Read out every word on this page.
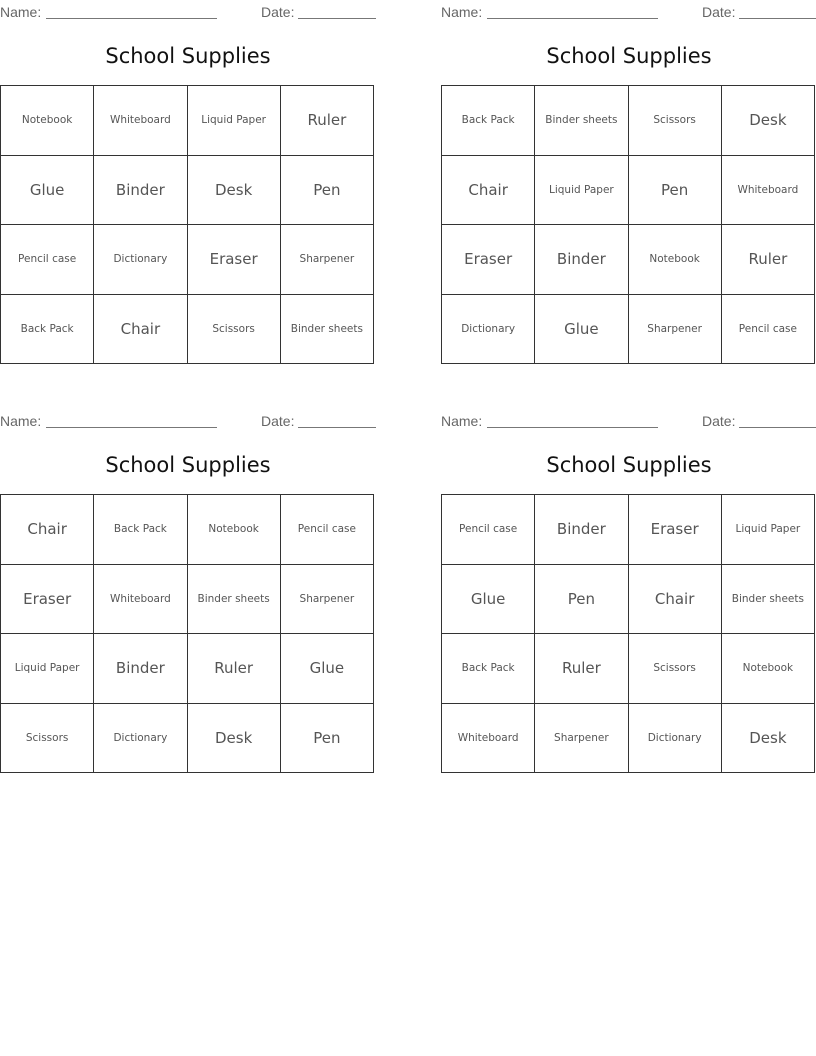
Name:	Date:
School Supplies
Notebook	Whiteboard	Liquid Paper	Ruler
Glue	Binder	Desk	Pen
Pencil case	Dictionary	Eraser	Sharpener
Back Pack	Chair	Scissors	Binder sheets
Name:	Date:
School Supplies
Back Pack	Binder sheets	Scissors	Desk
Chair	Liquid Paper	Pen	Whiteboard
Eraser	Binder	Notebook	Ruler
Dictionary	Glue	Sharpener	Pencil case
Name:	Date:
School Supplies
Chair	Back Pack	Notebook	Pencil case
Eraser	Whiteboard	Binder sheets	Sharpener
Liquid Paper	Binder	Ruler	Glue
Scissors	Dictionary	Desk	Pen
Name:	Date:
School Supplies
Pencil case	Binder	Eraser	Liquid Paper
Glue	Pen	Chair	Binder sheets
Back Pack	Ruler	Scissors	Notebook
Whiteboard	Sharpener	Dictionary	Desk
